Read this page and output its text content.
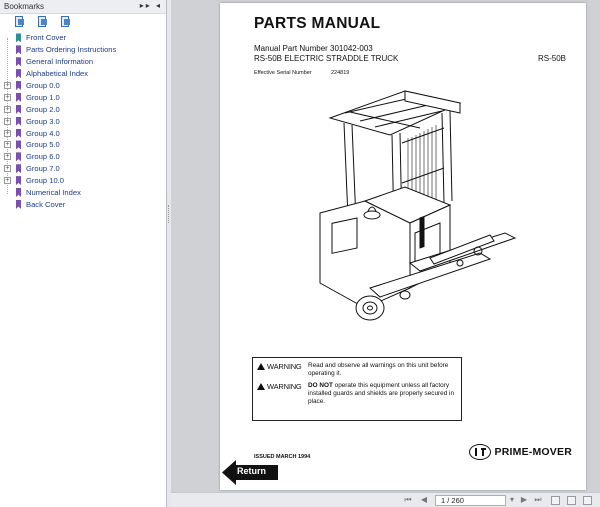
Bookmarks	▸▸ ◂
Front Cover
Parts Ordering Instructions
General Information
Alphabetical Index
+ Group 0.0
+ Group 1.0
+ Group 2.0
+ Group 3.0
+ Group 4.0
+ Group 5.0
+ Group 6.0
+ Group 7.0
+ Group 10.0
Numerical Index
Back Cover
PARTS MANUAL
Manual Part Number 301042-003
RS-50B ELECTRIC STRADDLE TRUCK	RS-50B
Effective Serial Number	224819
WARNING Read and observe all warnings on this unit before operating it.
WARNING DO NOT operate this equipment unless all factory installed guards and shields are properly secured in place.
ISSUED MARCH 1994	PRIME-MOVER
Return
⏮ ◀	1 / 260	▾ ▶ ⏭
